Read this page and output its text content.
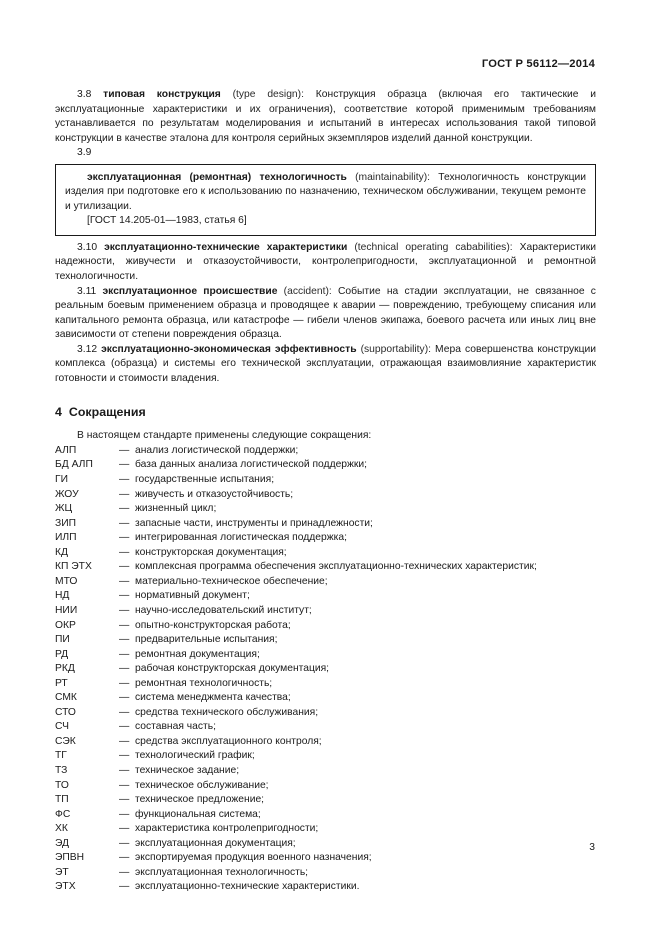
ГОСТ Р 56112—2014

3.8 типовая конструкция (type design): Конструкция образца (включая его тактические и эксплуатационные характеристики и их ограничения), соответствие которой применимым требованиям устанавливается по результатам моделирования и испытаний в интересах использования такой типовой конструкции в качестве эталона для контроля серийных экземпляров изделий данной конструкции.

3.9

эксплуатационная (ремонтная) технологичность (maintainability): Технологичность конструкции изделия при подготовке его к использованию по назначению, техническом обслуживании, текущем ремонте и утилизации.

[ГОСТ 14.205-01—1983, статья 6]

3.10 эксплуатационно-технические характеристики (technical operating cababilities): Характеристики надежности, живучести и отказоустойчивости, контролепригодности, эксплуатационной и ремонтной технологичности.

3.11 эксплуатационное происшествие (accident): Событие на стадии эксплуатации, не связанное с реальным боевым применением образца и проводящее к аварии — повреждению, требующему списания или капитального ремонта образца, или катастрофе — гибели членов экипажа, боевого расчета или иных лиц вне зависимости от степени повреждения образца.

3.12 эксплуатационно-экономическая эффективность (supportability): Мера совершенства конструкции комплекса (образца) и системы его технической эксплуатации, отражающая взаимовлияние характеристик готовности и стоимости владения.

4 Сокращения

В настоящем стандарте применены следующие сокращения:

АЛП	—	анализ логистической поддержки;
БД АЛП	—	база данных анализа логистической поддержки;
ГИ	—	государственные испытания;
ЖОУ	—	живучесть и отказоустойчивость;
ЖЦ	—	жизненный цикл;
ЗИП	—	запасные части, инструменты и принадлежности;
ИЛП	—	интегрированная логистическая поддержка;
КД	—	конструкторская документация;
КП ЭТХ	—	комплексная программа обеспечения эксплуатационно-технических характеристик;
МТО	—	материально-техническое обеспечение;
НД	—	нормативный документ;
НИИ	—	научно-исследовательский институт;
ОКР	—	опытно-конструкторская работа;
ПИ	—	предварительные испытания;
РД	—	ремонтная документация;
РКД	—	рабочая конструкторская документация;
РТ	—	ремонтная технологичность;
СМК	—	система менеджмента качества;
СТО	—	средства технического обслуживания;
СЧ	—	составная часть;
СЭК	—	средства эксплуатационного контроля;
ТГ	—	технологический график;
ТЗ	—	техническое задание;
ТО	—	техническое обслуживание;
ТП	—	техническое предложение;
ФС	—	функциональная система;
ХК	—	характеристика контролепригодности;
ЭД	—	эксплуатационная документация;
ЭПВН	—	экспортируемая продукция военного назначения;
ЭТ	—	эксплуатационная технологичность;
ЭТХ	—	эксплуатационно-технические характеристики.
3
